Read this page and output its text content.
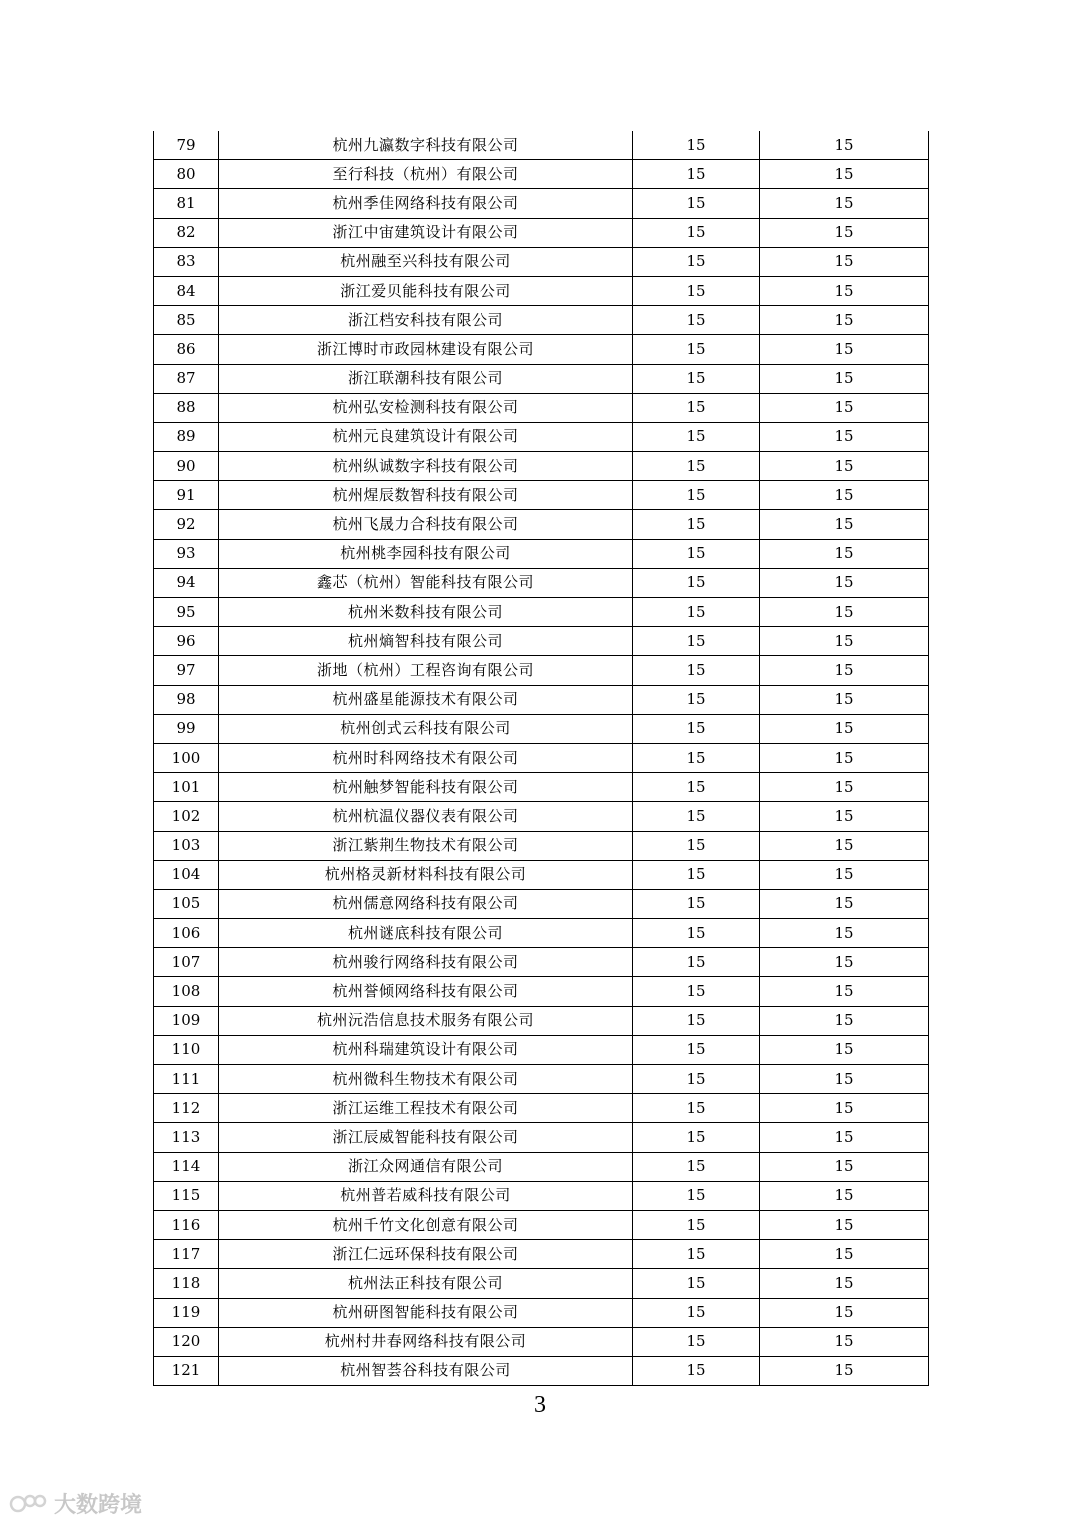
79	杭州九瀛数字科技有限公司	15	15
80	至行科技（杭州）有限公司	15	15
81	杭州季佳网络科技有限公司	15	15
82	浙江中宙建筑设计有限公司	15	15
83	杭州融至兴科技有限公司	15	15
84	浙江爱贝能科技有限公司	15	15
85	浙江档安科技有限公司	15	15
86	浙江博时市政园林建设有限公司	15	15
87	浙江联潮科技有限公司	15	15
88	杭州弘安检测科技有限公司	15	15
89	杭州元良建筑设计有限公司	15	15
90	杭州纵诚数字科技有限公司	15	15
91	杭州煋辰数智科技有限公司	15	15
92	杭州飞晟力合科技有限公司	15	15
93	杭州桃李园科技有限公司	15	15
94	鑫芯（杭州）智能科技有限公司	15	15
95	杭州米数科技有限公司	15	15
96	杭州熵智科技有限公司	15	15
97	浙地（杭州）工程咨询有限公司	15	15
98	杭州盛星能源技术有限公司	15	15
99	杭州创式云科技有限公司	15	15
100	杭州时科网络技术有限公司	15	15
101	杭州触梦智能科技有限公司	15	15
102	杭州杭温仪器仪表有限公司	15	15
103	浙江紫荆生物技术有限公司	15	15
104	杭州格灵新材料科技有限公司	15	15
105	杭州儒意网络科技有限公司	15	15
106	杭州谜底科技有限公司	15	15
107	杭州骏行网络科技有限公司	15	15
108	杭州誉倾网络科技有限公司	15	15
109	杭州沅浩信息技术服务有限公司	15	15
110	杭州科瑞建筑设计有限公司	15	15
111	杭州微科生物技术有限公司	15	15
112	浙江运维工程技术有限公司	15	15
113	浙江辰威智能科技有限公司	15	15
114	浙江众网通信有限公司	15	15
115	杭州普若威科技有限公司	15	15
116	杭州千竹文化创意有限公司	15	15
117	浙江仁远环保科技有限公司	15	15
118	杭州法正科技有限公司	15	15
119	杭州研图智能科技有限公司	15	15
120	杭州村井春网络科技有限公司	15	15
121	杭州智荟谷科技有限公司	15	15
3
大数跨境
